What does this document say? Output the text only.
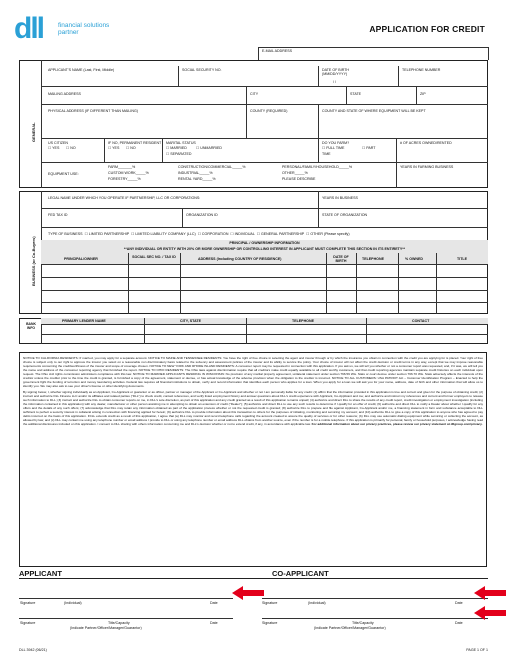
dll financial solutions
partner	APPLICATION FOR CREDIT
GENERAL
E-MAIL ADDRESS
APPLICANT'S NAME (Last, First, Middle)	SOCIAL SECURITY NO.	DATE OF BIRTH (MM/DD/YYYY)
/ /
TELEPHONE NUMBER
MAILING ADDRESS	CITY	STATE	ZIP
PHYSICAL ADDRESS (IF DIFFERENT THAN MAILING)	COUNTY (REQUIRED)	COUNTY AND STATE OF WHERE EQUIPMENT WILL BE KEPT
US CITIZEN
☐ YES ☐ NO
IF NO, PERMANENT RESIDENT
☐ YES ☐ NO
MARITAL STATUS
☐ MARRIED	☐ UNMARRIED
☐ SEPARATED
DO YOU FARM?
☐ FULL TIME	☐ PART
TIME
# OF ACRES OWNED/RENTED
EQUIPMENT USE:
FARM_______%
CUSTOM WORK_____%
FORESTRY_____%
CONSTRUCTION/COMMERCIAL_____%
INDUSTRIAL_____%
RENTAL YARD_____%
PERSONAL/FAMILY/HOUSEHOLD_____%
OTHER_____%
PLEASE DESCRIBE
YEARS IN FARMING BUSINESS
BUSINESS (or Co-Buyers)
LEGAL NAME UNDER WHICH YOU OPERATE IF PARTNERSHIP, LLC OR CORPORATIONS:	YEARS IN BUSINESS
FED TAX ID	ORGANIZATION ID	STATE OF ORGANIZATION
TYPE OF BUSINESS ☐ LIMITED PARTNERSHIP ☐ LIMITED LIABILITY COMPANY (LLC) ☐ CORPORATION ☐ INDIVIDUAL ☐ GENERAL PARTNERSHIP ☐ OTHER (Please specify)
PRINCIPAL / OWNERSHIP INFORMATION
**ANY INDIVIDUAL OR ENTITY WITH 20% OR MORE OWNERSHIP OR CONTROLLING INTEREST IN APPLICANT MUST COMPLETE THIS SECTION IN ITS ENTIRETY**
PRINCIPAL/OWNER	SOCIAL SEC NO. / TAX ID	ADDRESS (Including COUNTRY OF RESIDENCE)	DATE OF BIRTH	TELEPHONE	% OWNED	TITLE
BANK INFO
PRIMARY LENDER NAME	CITY, STATE	TELEPHONE	CONTACT

NOTICE TO CALIFORNIA RESIDENTS: If married, you may apply for a separate account. NOTICE TO MAINE AND TENNESSEE RESIDENTS: You have the right of free choice in selecting the agent and insurer through or by which the insurance you obtain in connection with the credit you are applying for is placed. Your right of free choice is subject only to our right to approve the insurer you select on a reasonable non discriminatory basis related to the solvency and assessment policies of the insurer and its ability to service the policy. Your choice of insurer will not affect the credit decision or credit terms in any way, except that we may impose reasonable requirements concerning the creditworthiness of the insurer and scope of coverage chosen. NOTICE TO NEW YORK AND RHODE ISLAND RESIDENTS: A consumer report may be requested in connection with this application. If you ask us, we will tell you whether or not a consumer report was requested, and, if it was, we will tell you the name and address of the consumer reporting agency that furnished the report. NOTICE TO OHIO RESIDENTS: The Ohio laws against discrimination require that all creditors make credit equally available to all credit worthy customers, and that credit reporting agencies maintain separate credit histories on each individual upon request. The Ohio civil rights commission administers compliance with this law. NOTICE TO MARRIED APPLICANTS RESIDING IN WISCONSIN: No provision of any marital property agreement, unilateral statement under section 766.59 Wis. Stats or court decree under section 766.70 Wis. Stats adversely affects the interests of the creditor unless the creditor prior to the time the credit is granted, is furnished a copy of the agreement, statement or decree, or has actual knowledge of the adverse provision when the obligation to the creditor is incurred. NOTICE TO ALL CUSTOMERS: USA PATRIOT Act – Customer Identification Program – Enacted to help the government fight the funding of terrorism and money laundering activities. Federal law requires all financial institutions to obtain, verify and record information that identifies each person who applies for a loan. When you apply for a loan we will ask you for your name, address, date of birth and other information that will allow us to identify you. We may also ask to see your driver's license or other identifying documents.

By signing below, I, whether signing individually as an Applicant, Co-Applicant or guarantor or as officer, partner or manager of the Applicant or Co-Applicant and whether or not I am personally liable for any credit: (1) affirm that the information provided in this application is true and correct and given for the purpose of obtaining credit; (2) instruct and authorize DLL Finance LLC and/or its affiliates and related parties ("DLL") to check credit, contact references, and verify listed employment history and answer questions about DLL's credit experience with Applicant, Co-Applicant and me; and authorize and instruct my references and current and former employers to release such information to DLL; (3) instruct and authorize DLL to obtain consumer reports on me, in DLL's sole discretion, as part of this application and any credit granted as a result of this application remains unpaid; (4) authorize and direct DLL to share the results of any credit report, credit investigation or employment investigation (including the information contained in this application) with any dealer, manufacturer or other person assisting me in attempting to obtain an extension of credit ("Dealer"); (5) authorize and direct DLL to use any such results to determine if I qualify for an offer of credit; (6) authorize and direct DLL to notify a Dealer about whether I qualify for any offers and the details of any such offers; (7) acknowledge that DLL may retain any information obtained as part of the application process whether or not the requested credit is granted; (8) authorize DLL to prepare and file against Applicant, Co-Applicant and/or me, a financing statement in form and substance acceptable to DLL sufficient to perfect a security interest in collateral arising in connection with financing applied for herein; (9) authorize DLL to provide information about this transaction to others for the purposes of initiating, monitoring and servicing my account; and (10) authorize DLL to give a copy of this application to anyone who has agreed to pay debts incurred on the basis of this application. FCLL extends credit as a result of this application, I agree that (a) DLL may monitor and record telephone calls regarding the account created to assure the quality of services or for other reasons; (b) DLL may use automatic dialing equipment while servicing or collecting the account, as allowed by law; and (c) DLL may contact me using any telephone number or email address I provide to DLL or using any telephone number or email address DLL obtains from another source, even if the number is for a mobile telephone. If this application is primarily for personal, family or household purposes, I acknowledge having read the additional disclosures included on this application. I consent to DLL sharing with others information concerning me and DLL's decision whether or not to extend credit, if any, in accordance with applicable law.

For additional information about our privacy practices, please review our privacy statement at dllgroup.com/privacy.
APPLICANT	CO-APPLICANT
Signature	(Individual)	Date	Signature	(Individual)	Date
Signature	Title/Capacity
(Indicate Partner/Officer/Manager/Guarantor)
Date	Signature	Title/Capacity
(Indicate Partner/Officer/Manager/Guarantor)
Date
DLL 3942 (06/21)	PAGE 1 OF 1
